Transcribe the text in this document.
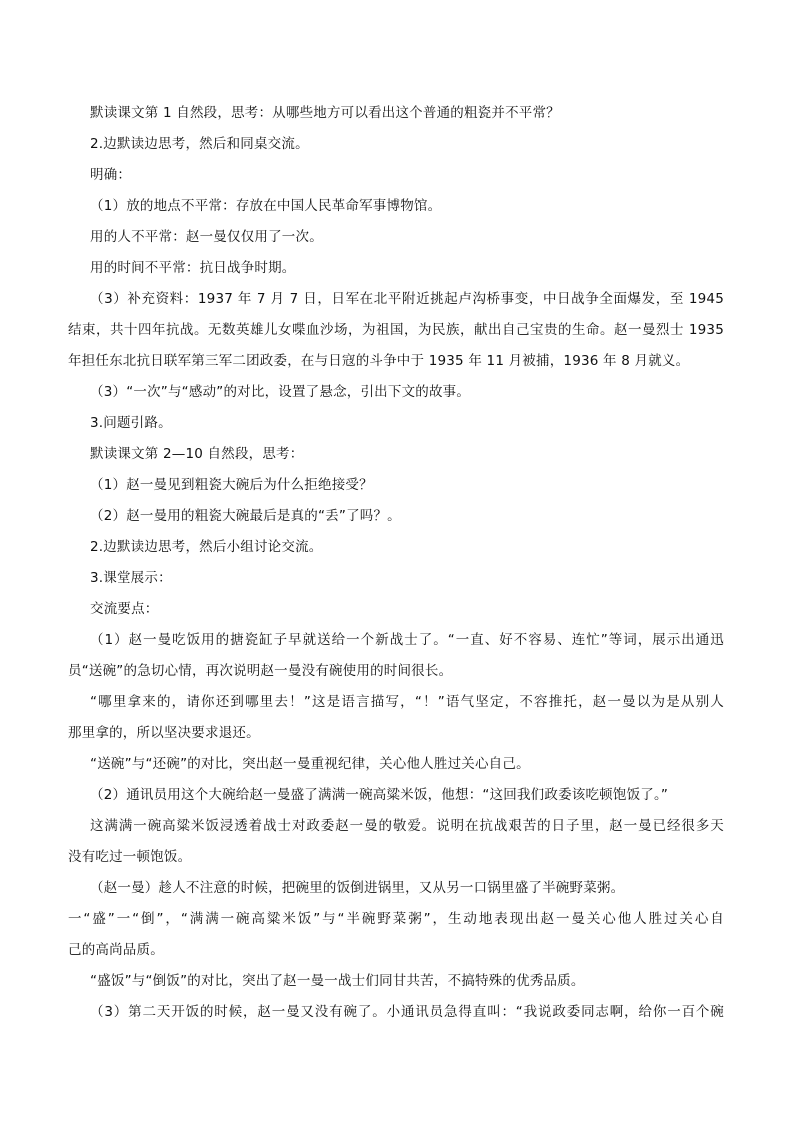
默读课文第 1 自然段，思考：从哪些地方可以看出这个普通的粗瓷并不平常？
2.边默读边思考，然后和同桌交流。
明确：
（1）放的地点不平常：存放在中国人民革命军事博物馆。
用的人不平常：赵一曼仅仅用了一次。
用的时间不平常：抗日战争时期。
（3）补充资料：1937 年 7 月 7 日，日军在北平附近挑起卢沟桥事变，中日战争全面爆发，至 1945
结束，共十四年抗战。无数英雄儿女喋血沙场，为祖国，为民族，献出自己宝贵的生命。赵一曼烈士 1935
年担任东北抗日联军第三军二团政委，在与日寇的斗争中于 1935 年 11 月被捕，1936 年 8 月就义。
（3）“一次”与“感动”的对比，设置了悬念，引出下文的故事。
3.问题引路。
默读课文第 2—10 自然段，思考：
（1）赵一曼见到粗瓷大碗后为什么拒绝接受？
（2）赵一曼用的粗瓷大碗最后是真的“丢”了吗？。
2.边默读边思考，然后小组讨论交流。
3.课堂展示：
交流要点：
（1）赵一曼吃饭用的搪瓷缸子早就送给一个新战士了。“一直、好不容易、连忙”等词，展示出通迅
员“送碗”的急切心情，再次说明赵一曼没有碗使用的时间很长。
“哪里拿来的，请你还到哪里去！”这是语言描写，“！”语气坚定，不容推托，赵一曼以为是从别人
那里拿的，所以坚决要求退还。
“送碗”与“还碗”的对比，突出赵一曼重视纪律，关心他人胜过关心自己。
（2）通讯员用这个大碗给赵一曼盛了满满一碗高粱米饭，他想：“这回我们政委该吃顿饱饭了。”
这满满一碗高粱米饭浸透着战士对政委赵一曼的敬爱。说明在抗战艰苦的日子里，赵一曼已经很多天
没有吃过一顿饱饭。
（赵一曼）趁人不注意的时候，把碗里的饭倒进锅里，又从另一口锅里盛了半碗野菜粥。
一“盛”一“倒”，“满满一碗高粱米饭”与“半碗野菜粥”，生动地表现出赵一曼关心他人胜过关心自
己的高尚品质。
“盛饭”与“倒饭”的对比，突出了赵一曼一战士们同甘共苦，不搞特殊的优秀品质。
（3）第二天开饭的时候，赵一曼又没有碗了。小通讯员急得直叫：“我说政委同志啊，给你一百个碗
